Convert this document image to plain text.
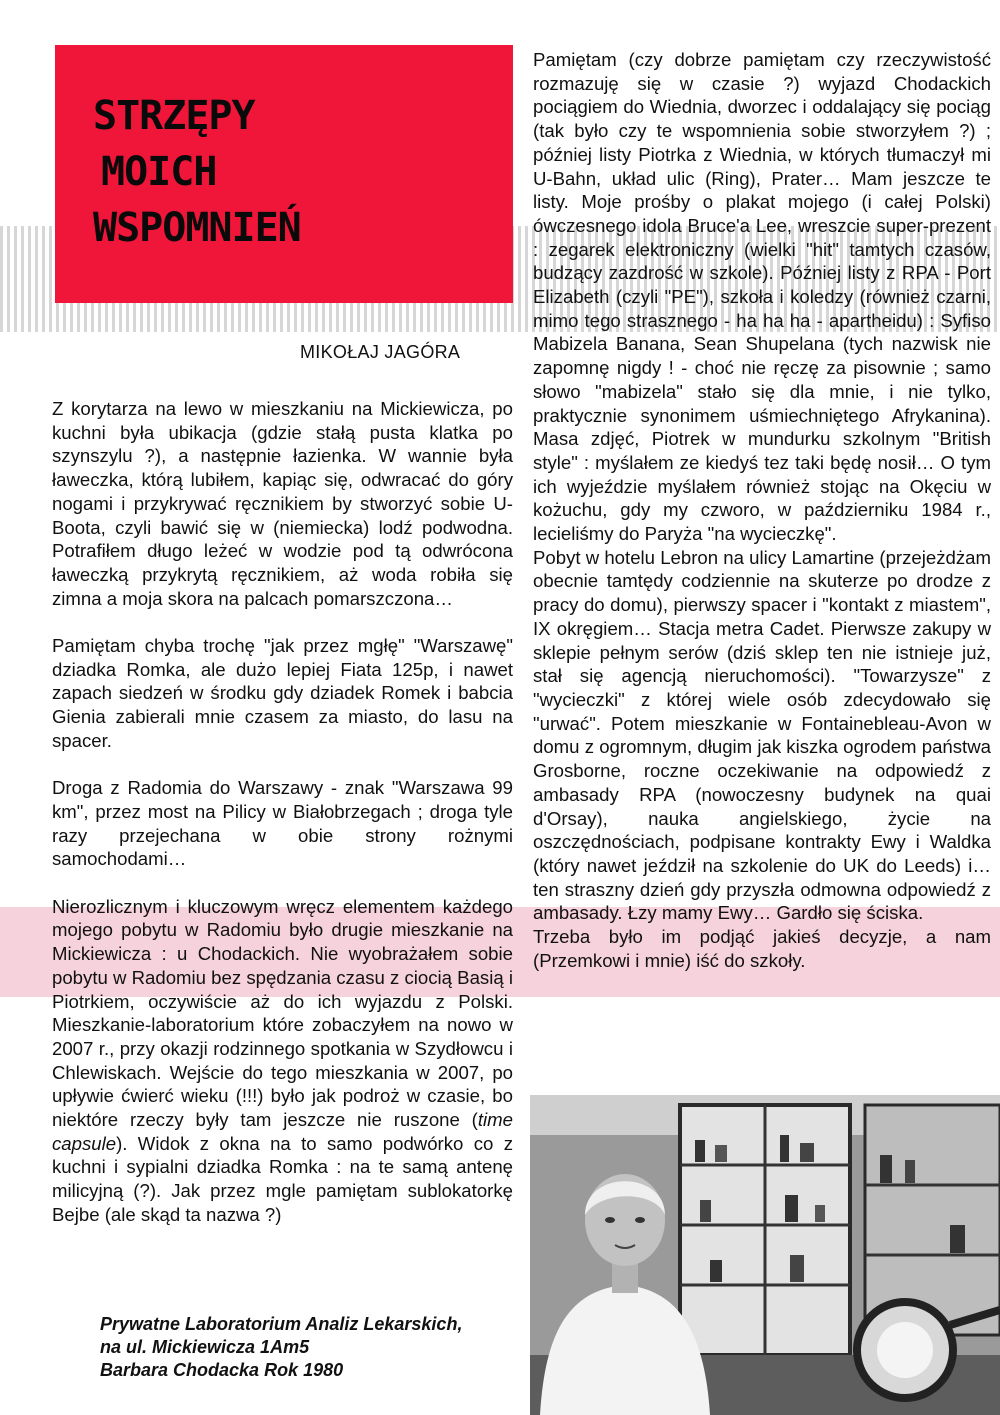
STRZĘPY
MOICH
WSPOMNIEŃ
MIKOŁAJ JAGÓRA

Z korytarza na lewo w mieszkaniu na Mickiewicza, po kuchni była ubikacja (gdzie stałą pusta klatka po szynszylu ?), a następnie łazienka. W wannie była ławeczka, którą lubiłem, kapiąc się, odwracać do góry nogami i przykrywać ręcznikiem by stworzyć sobie U-Boota, czyli bawić się w (niemiecka) lodź podwodna. Potrafiłem długo leżeć w wodzie pod tą odwrócona ławeczką przykrytą ręcznikiem, aż woda robiła się zimna a moja skora na palcach pomarszczona…

Pamiętam chyba trochę "jak przez mgłę" "Warszawę" dziadka Romka, ale dużo lepiej Fiata 125p, i nawet zapach siedzeń w środku gdy dziadek Romek i babcia Gienia zabierali mnie czasem za miasto, do lasu na spacer.

Droga z Radomia do Warszawy - znak "Warszawa 99 km", przez most na Pilicy w Białobrzegach ; droga tyle razy przejechana w obie strony rożnymi samochodami…

Nierozlicznym i kluczowym wręcz elementem każdego mojego pobytu w Radomiu było drugie mieszkanie na Mickiewicza : u Chodackich. Nie wyobrażałem sobie pobytu w Radomiu bez spędzania czasu z ciocią Basią i Piotrkiem, oczywiście aż do ich wyjazdu z Polski. Mieszkanie-laboratorium które zobaczyłem na nowo w 2007 r., przy okazji rodzinnego spotkania w Szydłowcu i Chlewiskach. Wejście do tego mieszkania w 2007, po upływie ćwierć wieku (!!!) było jak podroż w czasie, bo niektóre rzeczy były tam jeszcze nie ruszone (time capsule). Widok z okna na to samo podwórko co z kuchni i sypialni dziadka Romka : na te samą antenę milicyjną (?). Jak przez mgle pamiętam sublokatorkę Bejbe (ale skąd ta nazwa ?)

Pamiętam (czy dobrze pamiętam czy rzeczywistość rozmazuję się w czasie ?) wyjazd Chodackich pociągiem do Wiednia, dworzec i oddalający się pociąg (tak było czy te wspomnienia sobie stworzyłem ?) ; później listy Piotrka z Wiednia, w których tłumaczył mi U-Bahn, układ ulic (Ring), Prater… Mam jeszcze te listy. Moje prośby o plakat mojego (i całej Polski) ówczesnego idola Bruce'a Lee, wreszcie super-prezent : zegarek elektroniczny (wielki "hit" tamtych czasów, budzący zazdrość w szkole). Później listy z RPA - Port Elizabeth (czyli "PE"), szkoła i koledzy (również czarni, mimo tego strasznego - ha ha ha - apartheidu) : Syfiso Mabizela Banana, Sean Shupelana (tych nazwisk nie zapomnę nigdy ! - choć nie ręczę za pisownie ; samo słowo "mabizela" stało się dla mnie, i nie tylko, praktycznie synonimem uśmiechniętego Afrykanina). Masa zdjęć, Piotrek w mundurku szkolnym "British style" : myślałem ze kiedyś tez taki będę nosił… O tym ich wyjeździe myślałem również stojąc na Okęciu w kożuchu, gdy my czworo, w październiku 1984 r., lecieliśmy do Paryża "na wycieczkę".

Pobyt w hotelu Lebron na ulicy Lamartine (przejeżdżam obecnie tamtędy codziennie na skuterze po drodze z pracy do domu), pierwszy spacer i "kontakt z miastem", IX okręgiem… Stacja metra Cadet. Pierwsze zakupy w sklepie pełnym serów (dziś sklep ten nie istnieje już, stał się agencją nieruchomości). "Towarzysze" z "wycieczki" z której wiele osób zdecydowało się "urwać". Potem mieszkanie w Fontainebleau-Avon w domu z ogromnym, długim jak kiszka ogrodem państwa Grosborne, roczne oczekiwanie na odpowiedź z ambasady RPA (nowoczesny budynek na quai d'Orsay), nauka angielskiego, życie na oszczędnościach, podpisane kontrakty Ewy i Waldka (który nawet jeździł na szkolenie do UK do Leeds) i… ten straszny dzień gdy przyszła odmowna odpowiedź z ambasady. Łzy mamy Ewy… Gardło się ściska.

Trzeba było im podjąć jakieś decyzje, a nam (Przemkowi i mnie) iść do szkoły.

Prywatne Laboratorium Analiz Lekarskich,
na ul. Mickiewicza 1Am5
Barbara Chodacka Rok 1980
